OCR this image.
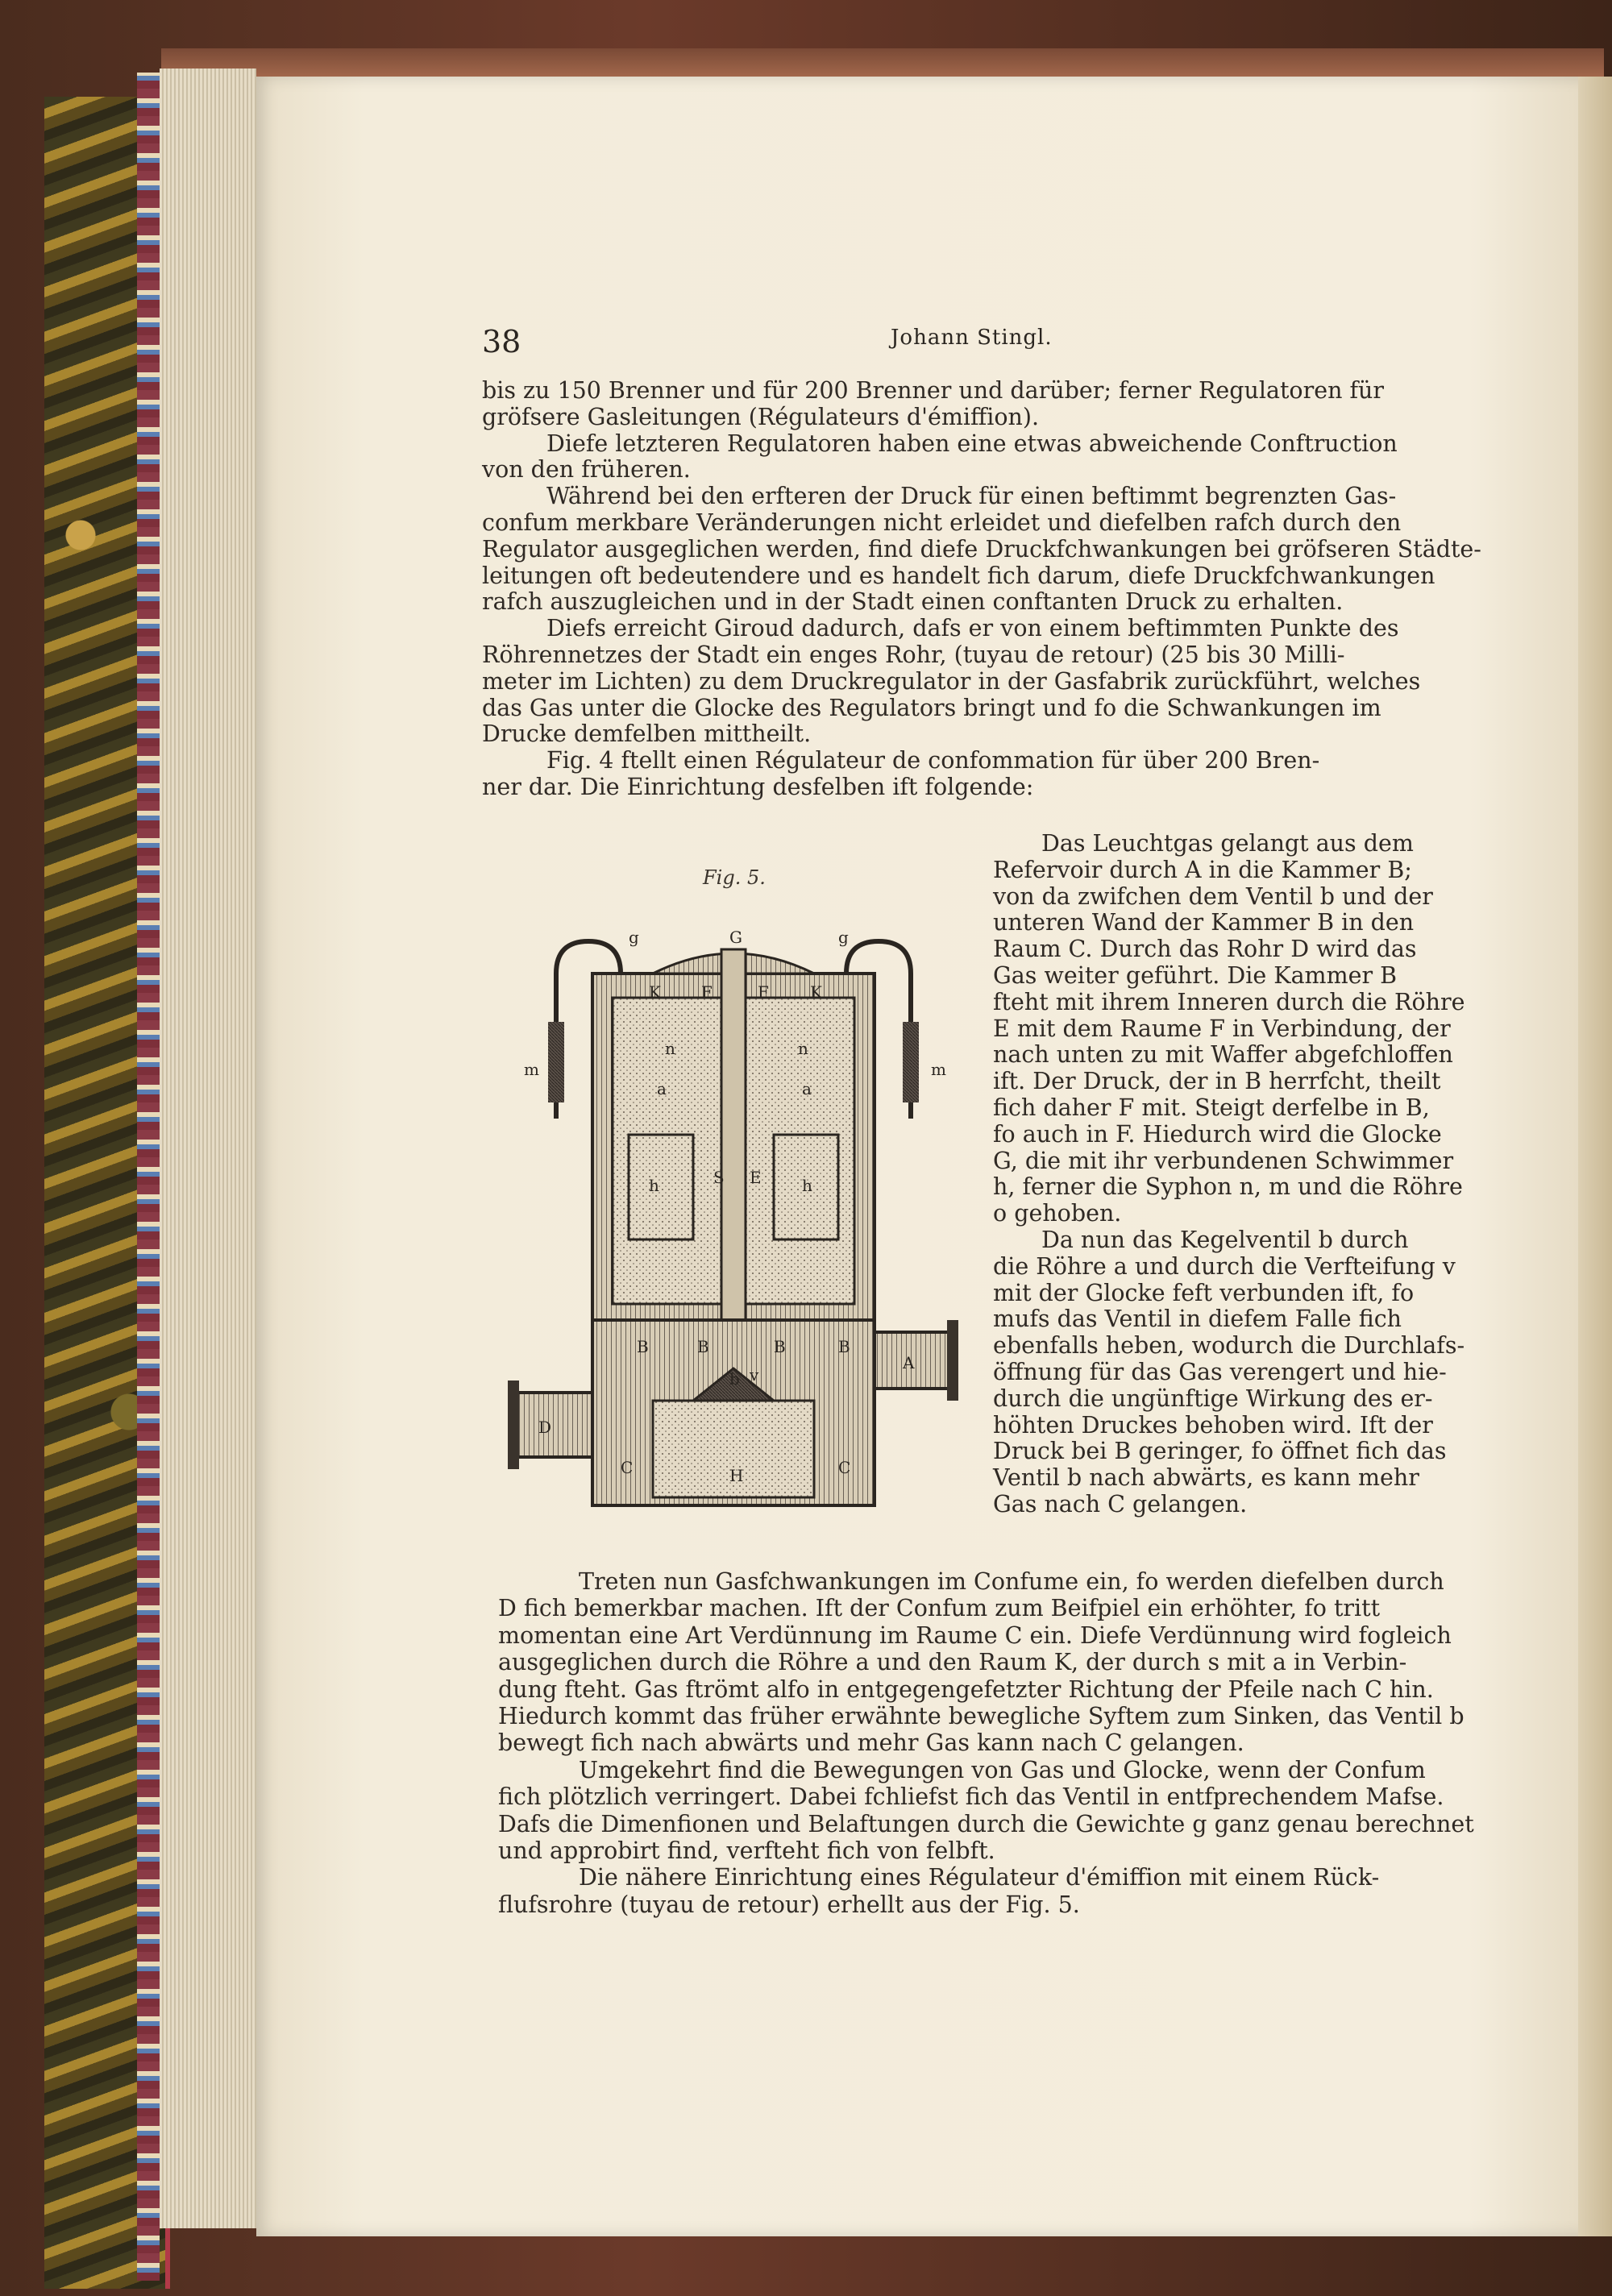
38	Johann Stingl.
bis zu 150 Brenner und für 200 Brenner und darüber; ferner Regulatoren für
gröfsere Gasleitungen (Régulateurs d'émiffion).
Diefe letzteren Regulatoren haben eine etwas abweichende Conftruction
von den früheren.
Während bei den erfteren der Druck für einen beftimmt begrenzten Gas-
confum merkbare Veränderungen nicht erleidet und diefelben rafch durch den
Regulator ausgeglichen werden, find diefe Druckfchwankungen bei gröfseren Städte-
leitungen oft bedeutendere und es handelt fich darum, diefe Druckfchwankungen
rafch auszugleichen und in der Stadt einen conftanten Druck zu erhalten.
Diefs erreicht Giroud dadurch, dafs er von einem beftimmten Punkte des
Röhrennetzes der Stadt ein enges Rohr, (tuyau de retour) (25 bis 30 Milli-
meter im Lichten) zu dem Druckregulator in der Gasfabrik zurückführt, welches
das Gas unter die Glocke des Regulators bringt und fo die Schwankungen im
Drucke demfelben mittheilt.
Fig. 4 ftellt einen Régulateur de confommation für über 200 Bren-
ner dar. Die Einrichtung desfelben ift folgende:
Das Leuchtgas gelangt aus dem
Refervoir durch A in die Kammer B;
von da zwifchen dem Ventil b und der
unteren Wand der Kammer B in den
Raum C. Durch das Rohr D wird das
Gas weiter geführt. Die Kammer B
fteht mit ihrem Inneren durch die Röhre
E mit dem Raume F in Verbindung, der
nach unten zu mit Waffer abgefchloffen
ift. Der Druck, der in B herrfcht, theilt
fich daher F mit. Steigt derfelbe in B,
fo auch in F. Hiedurch wird die Glocke
G, die mit ihr verbundenen Schwimmer
h, ferner die Syphon n, m und die Röhre
o gehoben.
Da nun das Kegelventil b durch
die Röhre a und durch die Verfteifung v
mit der Glocke feft verbunden ift, fo
mufs das Ventil in diefem Falle fich
ebenfalls heben, wodurch die Durchlafs-
öffnung für das Gas verengert und hie-
durch die ungünftige Wirkung des er-
höhten Druckes behoben wird. Ift der
Druck bei B geringer, fo öffnet fich das
Ventil b nach abwärts, es kann mehr
Gas nach C gelangen.
Treten nun Gasfchwankungen im Confume ein, fo werden diefelben durch
D fich bemerkbar machen. Ift der Confum zum Beifpiel ein erhöhter, fo tritt
momentan eine Art Verdünnung im Raume C ein. Diefe Verdünnung wird fogleich
ausgeglichen durch die Röhre a und den Raum K, der durch s mit a in Verbin-
dung fteht. Gas ftrömt alfo in entgegengefetzter Richtung der Pfeile nach C hin.
Hiedurch kommt das früher erwähnte bewegliche Syftem zum Sinken, das Ventil b
bewegt fich nach abwärts und mehr Gas kann nach C gelangen.
Umgekehrt find die Bewegungen von Gas und Glocke, wenn der Confum
fich plötzlich verringert. Dabei fchliefst fich das Ventil in entfprechendem Mafse.
Dafs die Dimenfionen und Belaftungen durch die Gewichte g ganz genau berechnet
und approbirt find, verfteht fich von felbft.
Die nähere Einrichtung eines Régulateur d'émiffion mit einem Rück-
flufsrohre (tuyau de retour) erhellt aus der Fig. 5.
Fig. 5.
g	G	g
m	m
K	F	F	K
h	h
S E
a	a
n
n
B	B	B	B
A
D
C	C
H
v
b
